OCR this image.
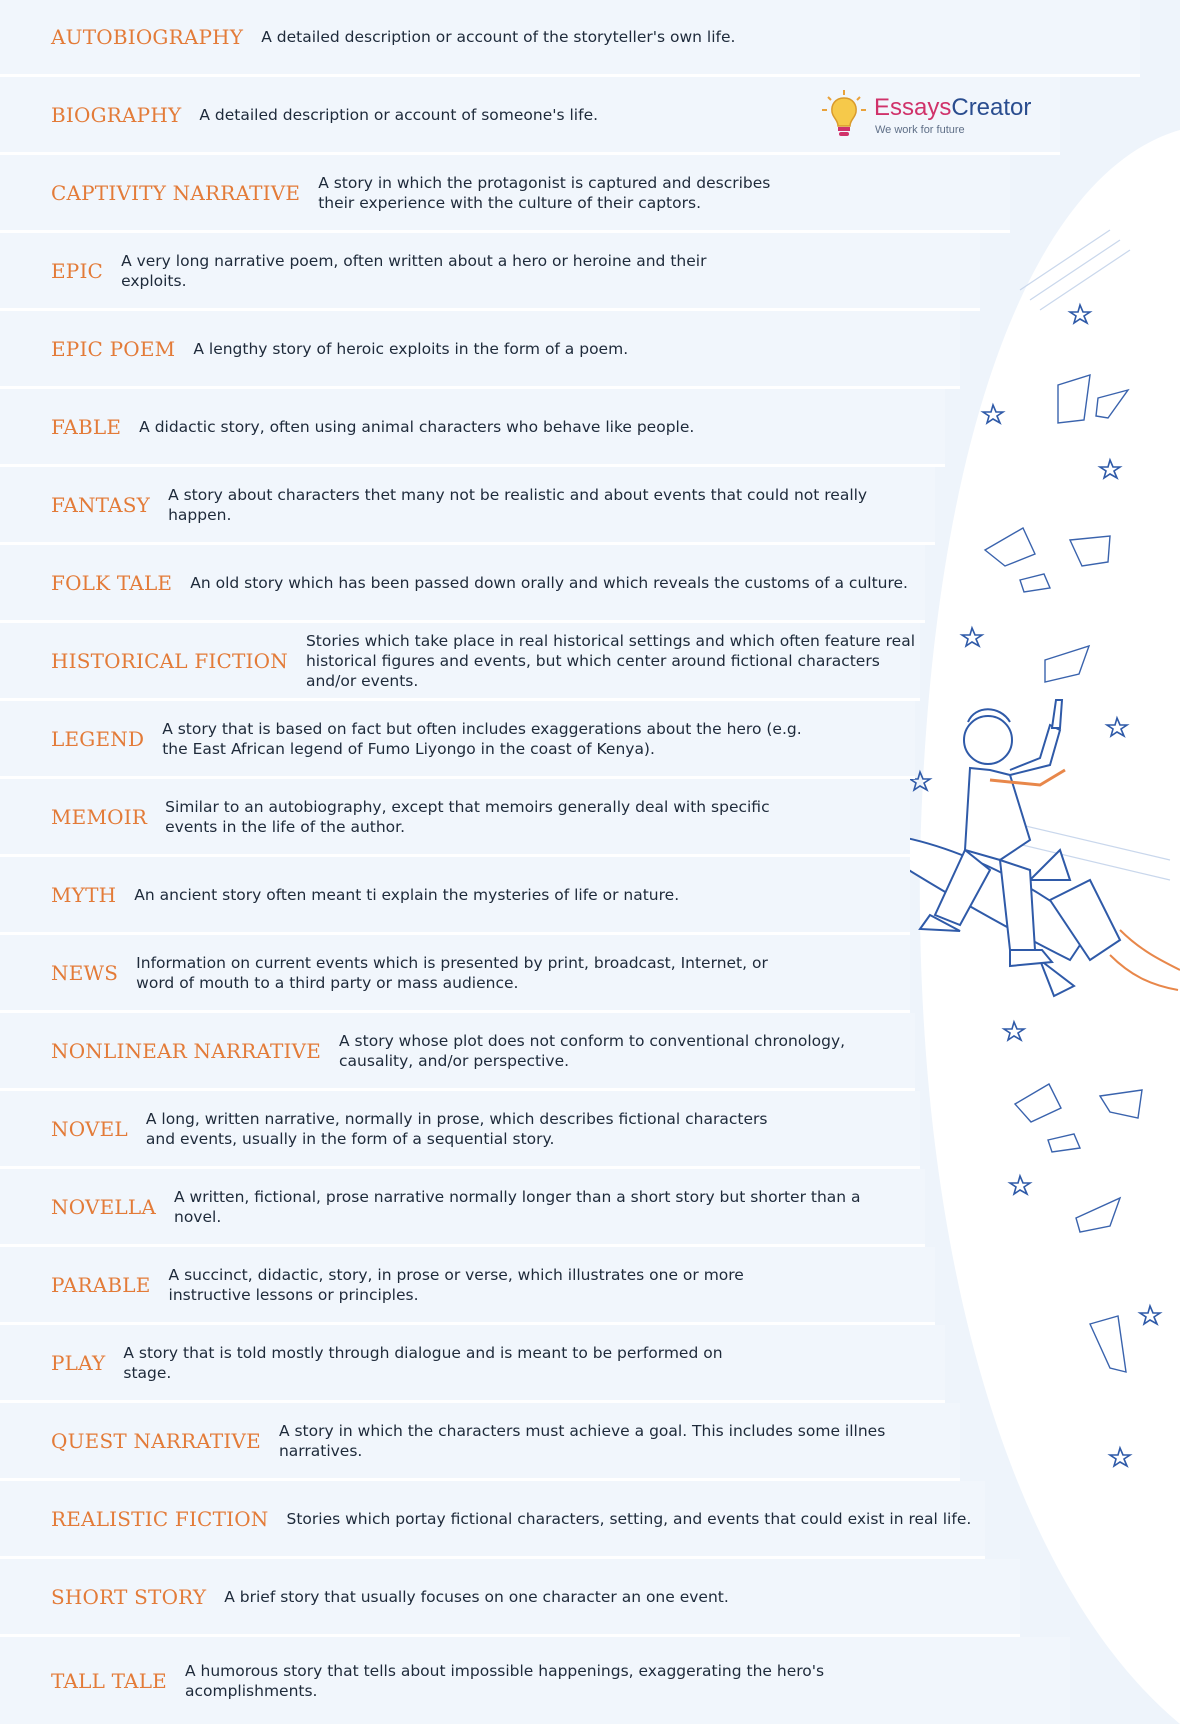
AUTOBIOGRAPHY A detailed description or account of the storyteller's own life.
BIOGRAPHY A detailed description or account of someone's life.
CAPTIVITY NARRATIVE A story in which the protagonist is captured and describes their experience with the culture of their captors.
EPIC A very long narrative poem, often written about a hero or heroine and their exploits.
EPIC POEM A lengthy story of heroic exploits in the form of a poem.
FABLE A didactic story, often using animal characters who behave like people.
FANTASY A story about characters thet many not be realistic and about events that could not really happen.
FOLK TALE An old story which has been passed down orally and which reveals the customs of a culture.
HISTORICAL FICTION
Stories which take place in real historical settings and which often feature real historical figures and events, but which center around fictional characters and/or events.
LEGEND A story that is based on fact but often includes exaggerations about the hero (e.g. the East African legend of Fumo Liyongo in the coast of Kenya).
MEMOIR Similar to an autobiography, except that memoirs generally deal with specific events in the life of the author.
MYTH An ancient story often meant ti explain the mysteries of life or nature.
NEWS Information on current events which is presented by print, broadcast, Internet, or word of mouth to a third party or mass audience.
NONLINEAR NARRATIVE A story whose plot does not conform to conventional chronology, causality, and/or perspective.
NOVEL A long, written narrative, normally in prose, which describes fictional characters and events, usually in the form of a sequential story.
NOVELLA A written, fictional, prose narrative normally longer than a short story but shorter than a novel.
PARABLE A succinct, didactic, story, in prose or verse, which illustrates one or more instructive lessons or principles.
PLAY A story that is told mostly through dialogue and is meant to be performed on stage.
QUEST NARRATIVE A story in which the characters must achieve a goal. This includes some illnes narratives.
REALISTIC FICTION Stories which portay fictional characters, setting, and events that could exist in real life.
SHORT STORY A brief story that usually focuses on one character an one event.
TALL TALE A humorous story that tells about impossible happenings, exaggerating the hero's acomplishments.
EssaysCreator
We work for future
